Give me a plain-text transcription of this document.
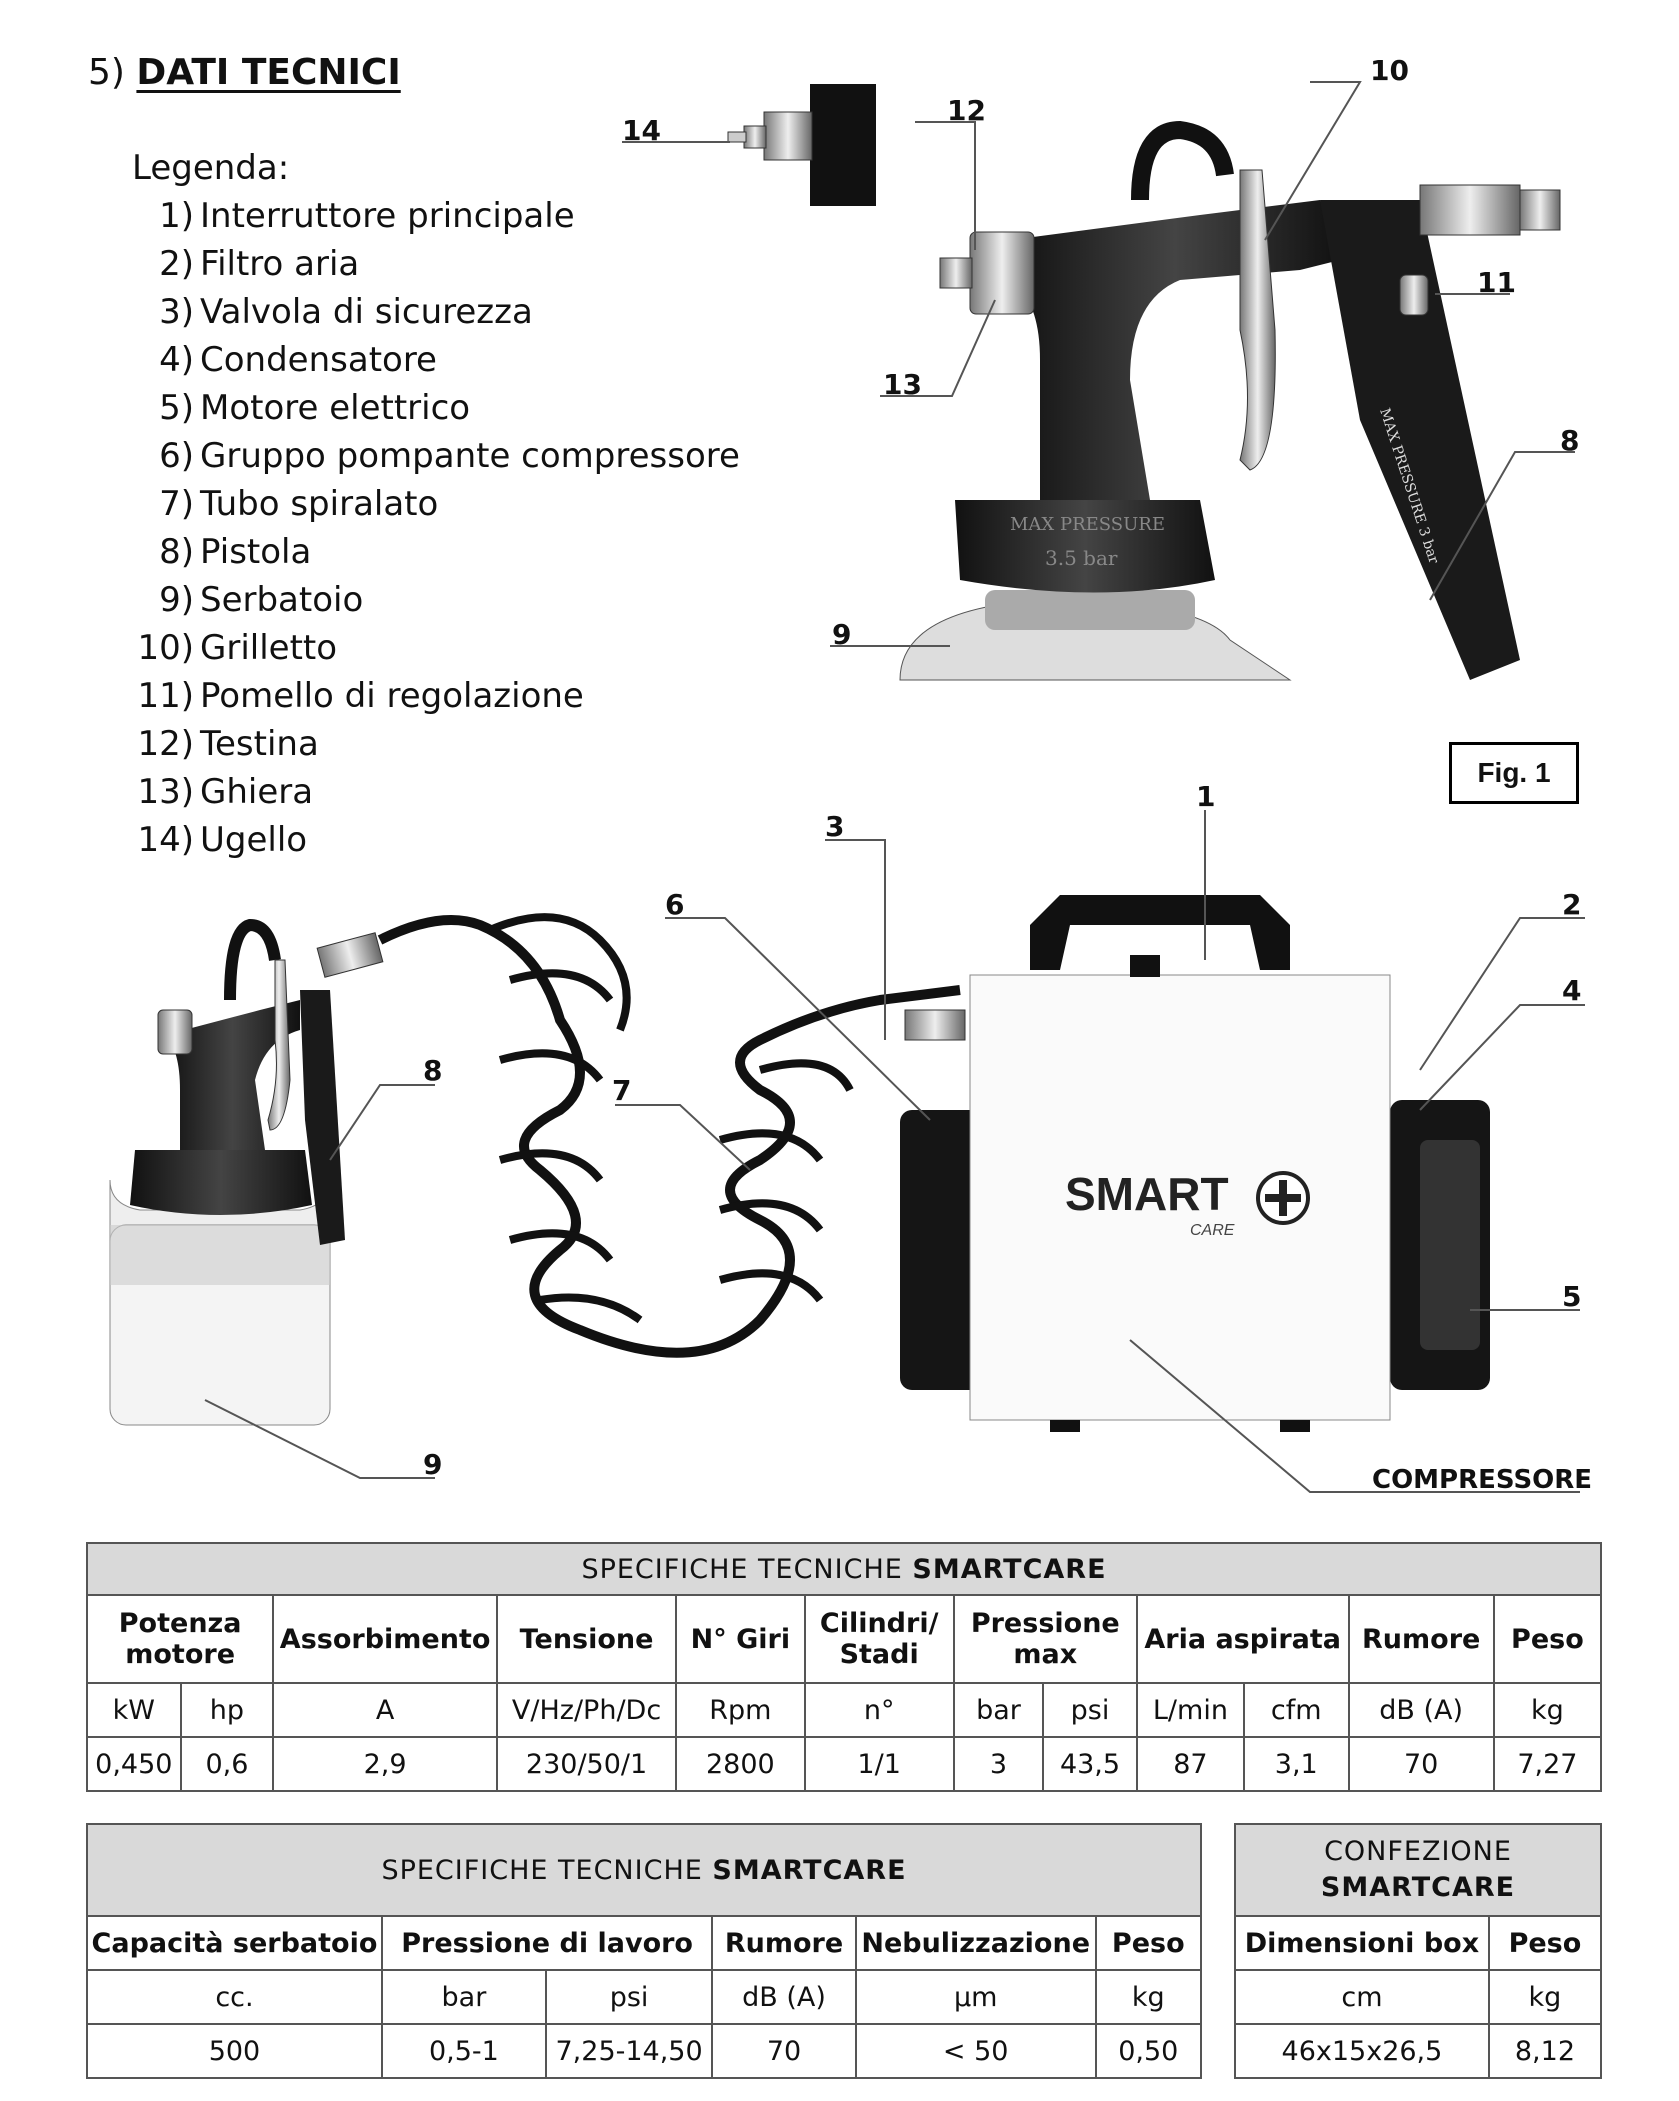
5) DATI TECNICI
Legenda:
1) Interruttore principale
2) Filtro aria
3) Valvola di sicurezza
4) Condensatore
5) Motore elettrico
6) Gruppo pompante compressore
7) Tubo spiralato
8) Pistola
9) Serbatoio
10) Grilletto
11) Pomello di regolazione
12) Testina
13) Ghiera
14) Ugello
MAX PRESSURE
3.5 bar	MAX PRESSURE 3 bar
SMART
CARE
14
12
10
11
13
8
9
1
2
3
4
5
6
7
8
9	COMPRESSORE
Fig. 1
SPECIFICHE TECNICHE SMARTCARE											
Potenza motore		Assorbimento	Tensione	N° Giri	Cilindri/ Stadi	Pressione max		Aria aspirata		Rumore	Peso
kW	hp	A	V/Hz/Ph/Dc	Rpm	n°	bar	psi	L/min	cfm	dB (A)	kg
0,450	0,6	2,9	230/50/1	2800	1/1	3	43,5	87	3,1	70	7,27
SPECIFICHE TECNICHE SMARTCARE					
Capacità serbatoio	Pressione di lavoro		Rumore	Nebulizzazione	Peso
cc.	bar	psi	dB (A)	µm	kg
500	0,5-1	7,25-14,50	70	< 50	0,50
CONFEZIONE
SMARTCARE	
Dimensioni box	Peso
cm	kg
46x15x26,5	8,12
